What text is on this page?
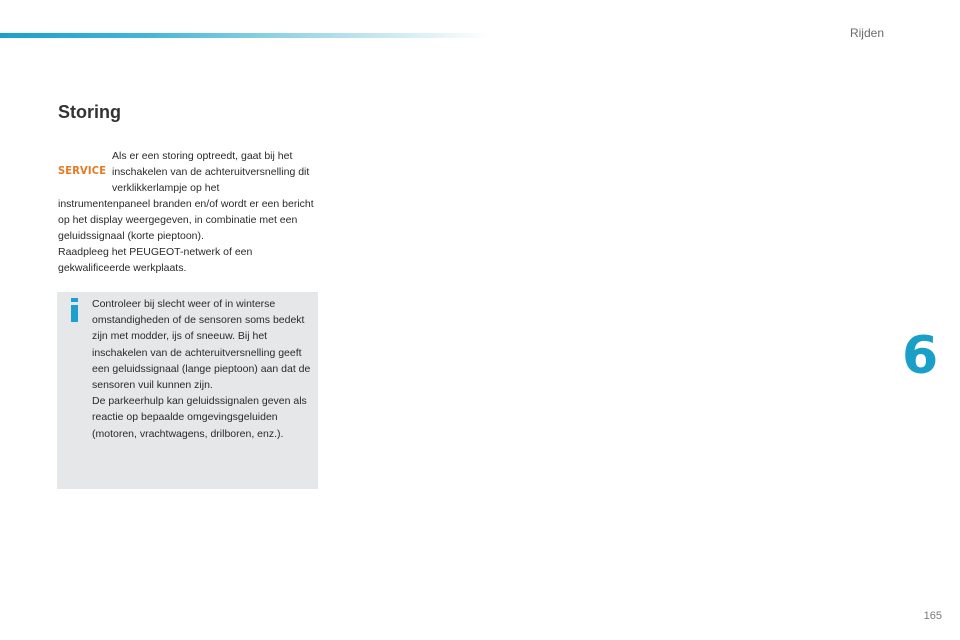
Rijden
Storing
SERVICE
Als er een storing optreedt, gaat bij het inschakelen van de achteruitversnelling dit verklikkerlampje op het
instrumentenpaneel branden en/of wordt er een bericht op het display weergegeven, in combinatie met een geluidssignaal (korte pieptoon).
Raadpleeg het PEUGEOT-netwerk of een gekwalificeerde werkplaats.
Controleer bij slecht weer of in winterse omstandigheden of de sensoren soms bedekt zijn met modder, ijs of sneeuw. Bij het inschakelen van de achteruitversnelling geeft een geluidssignaal (lange pieptoon) aan dat de sensoren vuil kunnen zijn.
De parkeerhulp kan geluidssignalen geven als reactie op bepaalde omgevingsgeluiden (motoren, vrachtwagens, drilboren, enz.).
6
165
